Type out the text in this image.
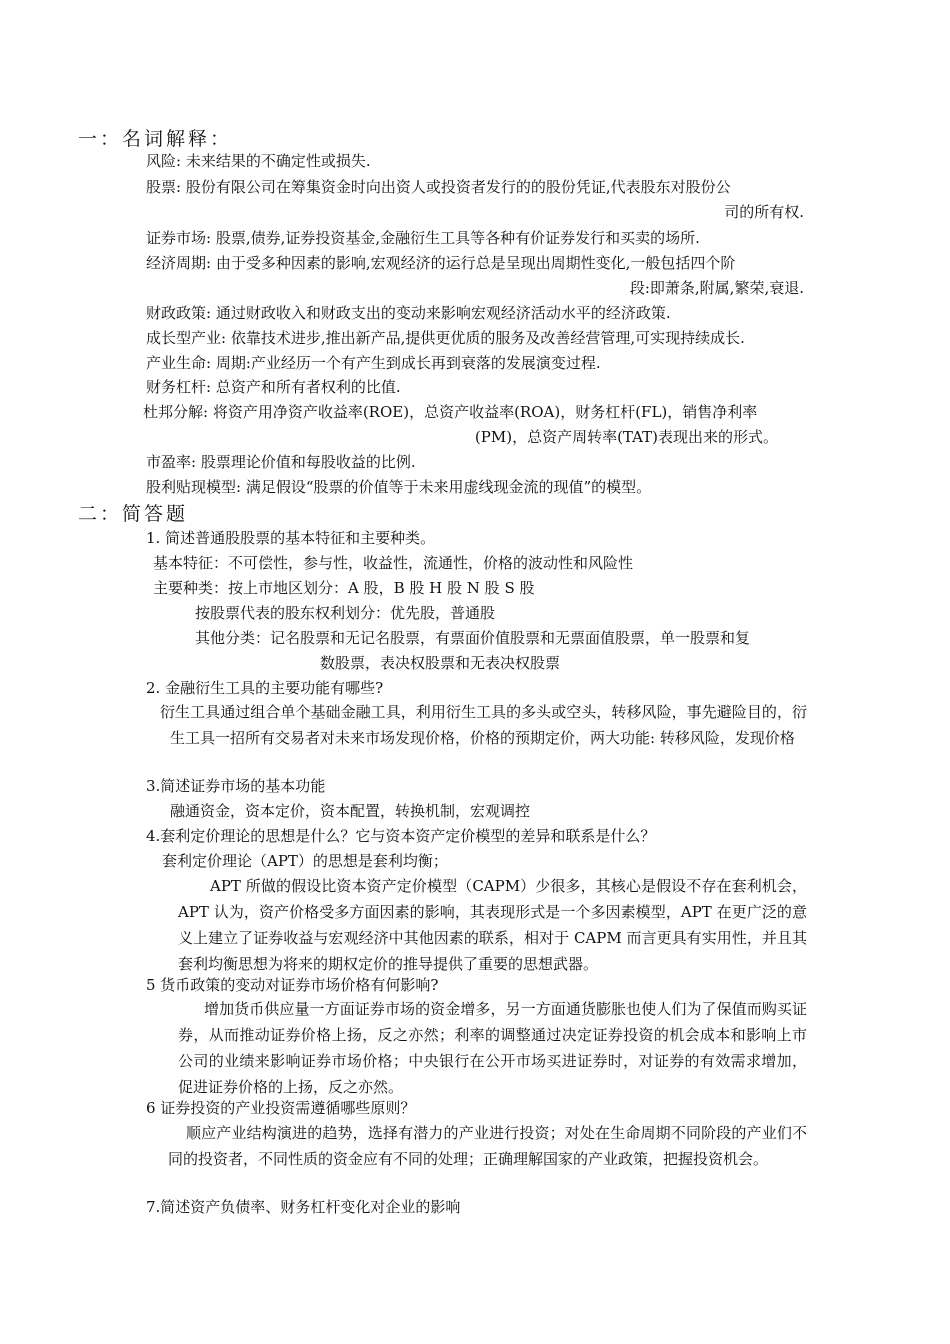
一：名词解释：
风险: 未来结果的不确定性或损失.
股票: 股份有限公司在筹集资金时向出资人或投资者发行的的股份凭证,代表股东对股份公
司的所有权.
证券市场: 股票,债券,证券投资基金,金融衍生工具等各种有价证券发行和买卖的场所.
经济周期: 由于受多种因素的影响,宏观经济的运行总是呈现出周期性变化,一般包括四个阶
段:即萧条,附属,繁荣,衰退.
财政政策: 通过财政收入和财政支出的变动来影响宏观经济活动水平的经济政策.
成长型产业: 依靠技术进步,推出新产品,提供更优质的服务及改善经营管理,可实现持续成长.
产业生命: 周期:产业经历一个有产生到成长再到衰落的发展演变过程.
财务杠杆: 总资产和所有者权利的比值.
杜邦分解: 将资产用净资产收益率(ROE)，总资产收益率(ROA)，财务杠杆(FL)，销售净利率
(PM)，总资产周转率(TAT)表现出来的形式。
市盈率: 股票理论价值和每股收益的比例.
股利贴现模型: 满足假设“股票的价值等于未来用虚线现金流的现值”的模型。
二：简答题
1. 简述普通股股票的基本特征和主要种类。
基本特征：不可偿性，参与性，收益性，流通性，价格的波动性和风险性
主要种类：按上市地区划分：A 股，B 股 H 股 N 股 S 股
按股票代表的股东权利划分：优先股，普通股
其他分类：记名股票和无记名股票，有票面价值股票和无票面值股票，单一股票和复
数股票，表决权股票和无表决权股票
2. 金融衍生工具的主要功能有哪些?
衍生工具通过组合单个基础金融工具，利用衍生工具的多头或空头，转移风险，事先避险目的，衍生工具一招所有交易者对未来市场发现价格，价格的预期定价，两大功能: 转移风险，发现价格
3.简述证券市场的基本功能
融通资金，资本定价，资本配置，转换机制，宏观调控
4.套利定价理论的思想是什么？它与资本资产定价模型的差异和联系是什么？
套利定价理论（APT）的思想是套利均衡；
APT 所做的假设比资本资产定价模型（CAPM）少很多，其核心是假设不存在套利机会，APT 认为，资产价格受多方面因素的影响，其表现形式是一个多因素模型，APT 在更广泛的意义上建立了证券收益与宏观经济中其他因素的联系，相对于 CAPM 而言更具有实用性，并且其套利均衡思想为将来的期权定价的推导提供了重要的思想武器。
5 货币政策的变动对证券市场价格有何影响?
增加货币供应量一方面证券市场的资金增多，另一方面通货膨胀也使人们为了保值而购买证券，从而推动证券价格上扬，反之亦然；利率的调整通过决定证券投资的机会成本和影响上市公司的业绩来影响证券市场价格；中央银行在公开市场买进证券时，对证券的有效需求增加，促进证券价格的上扬，反之亦然。
6 证券投资的产业投资需遵循哪些原则？
顺应产业结构演进的趋势，选择有潜力的产业进行投资；对处在生命周期不同阶段的产业们不同的投资者，不同性质的资金应有不同的处理；正确理解国家的产业政策，把握投资机会。
7.简述资产负债率、财务杠杆变化对企业的影响
